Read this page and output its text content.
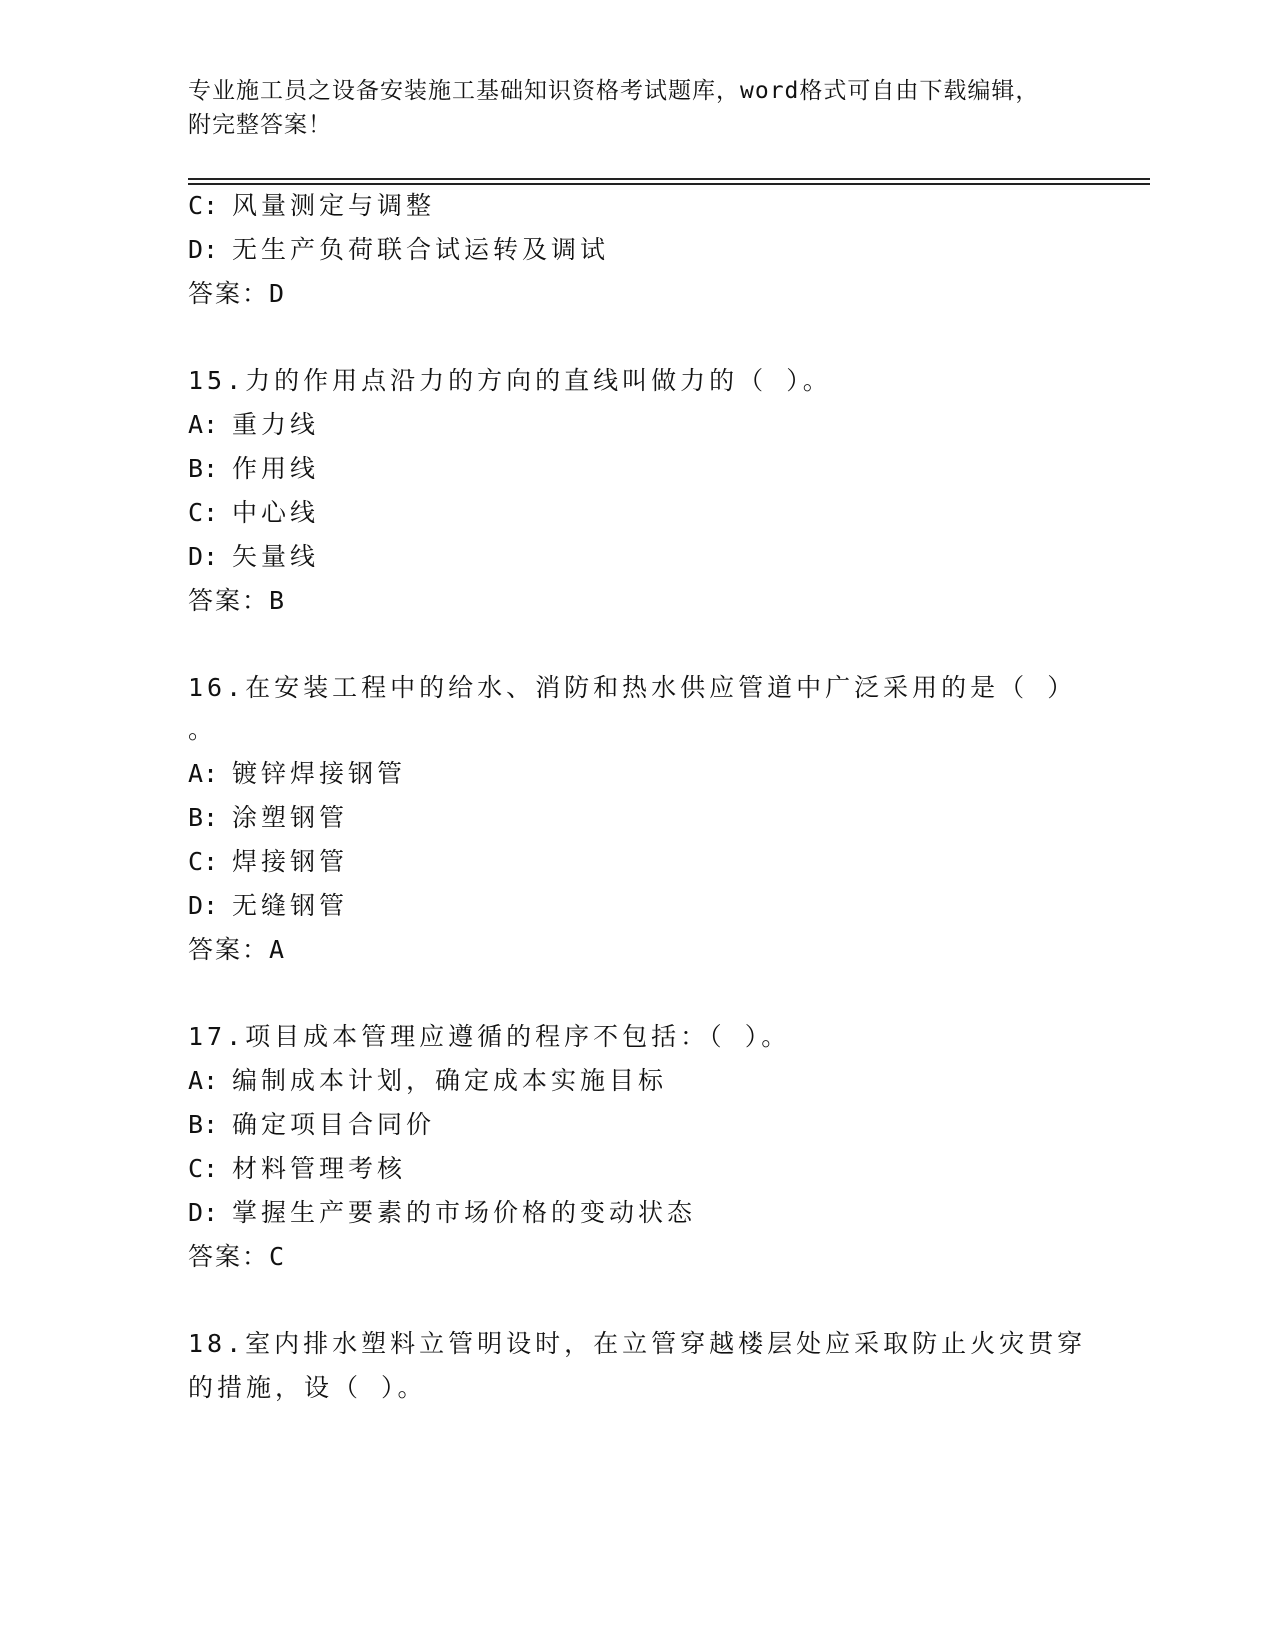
专业施工员之设备安装施工基础知识资格考试题库，word格式可自由下载编辑，
附完整答案！
C: 风量测定与调整
D: 无生产负荷联合试运转及调试
答案：D
15.力的作用点沿力的方向的直线叫做力的（ ）。
A: 重力线
B: 作用线
C: 中心线
D: 矢量线
答案：B
16.在安装工程中的给水、消防和热水供应管道中广泛采用的是（ ）
。
A: 镀锌焊接钢管
B: 涂塑钢管
C: 焊接钢管
D: 无缝钢管
答案：A
17.项目成本管理应遵循的程序不包括：（ ）。
A: 编制成本计划，确定成本实施目标
B: 确定项目合同价
C: 材料管理考核
D: 掌握生产要素的市场价格的变动状态
答案：C
18.室内排水塑料立管明设时，在立管穿越楼层处应采取防止火灾贯穿
的措施，设（ ）。
